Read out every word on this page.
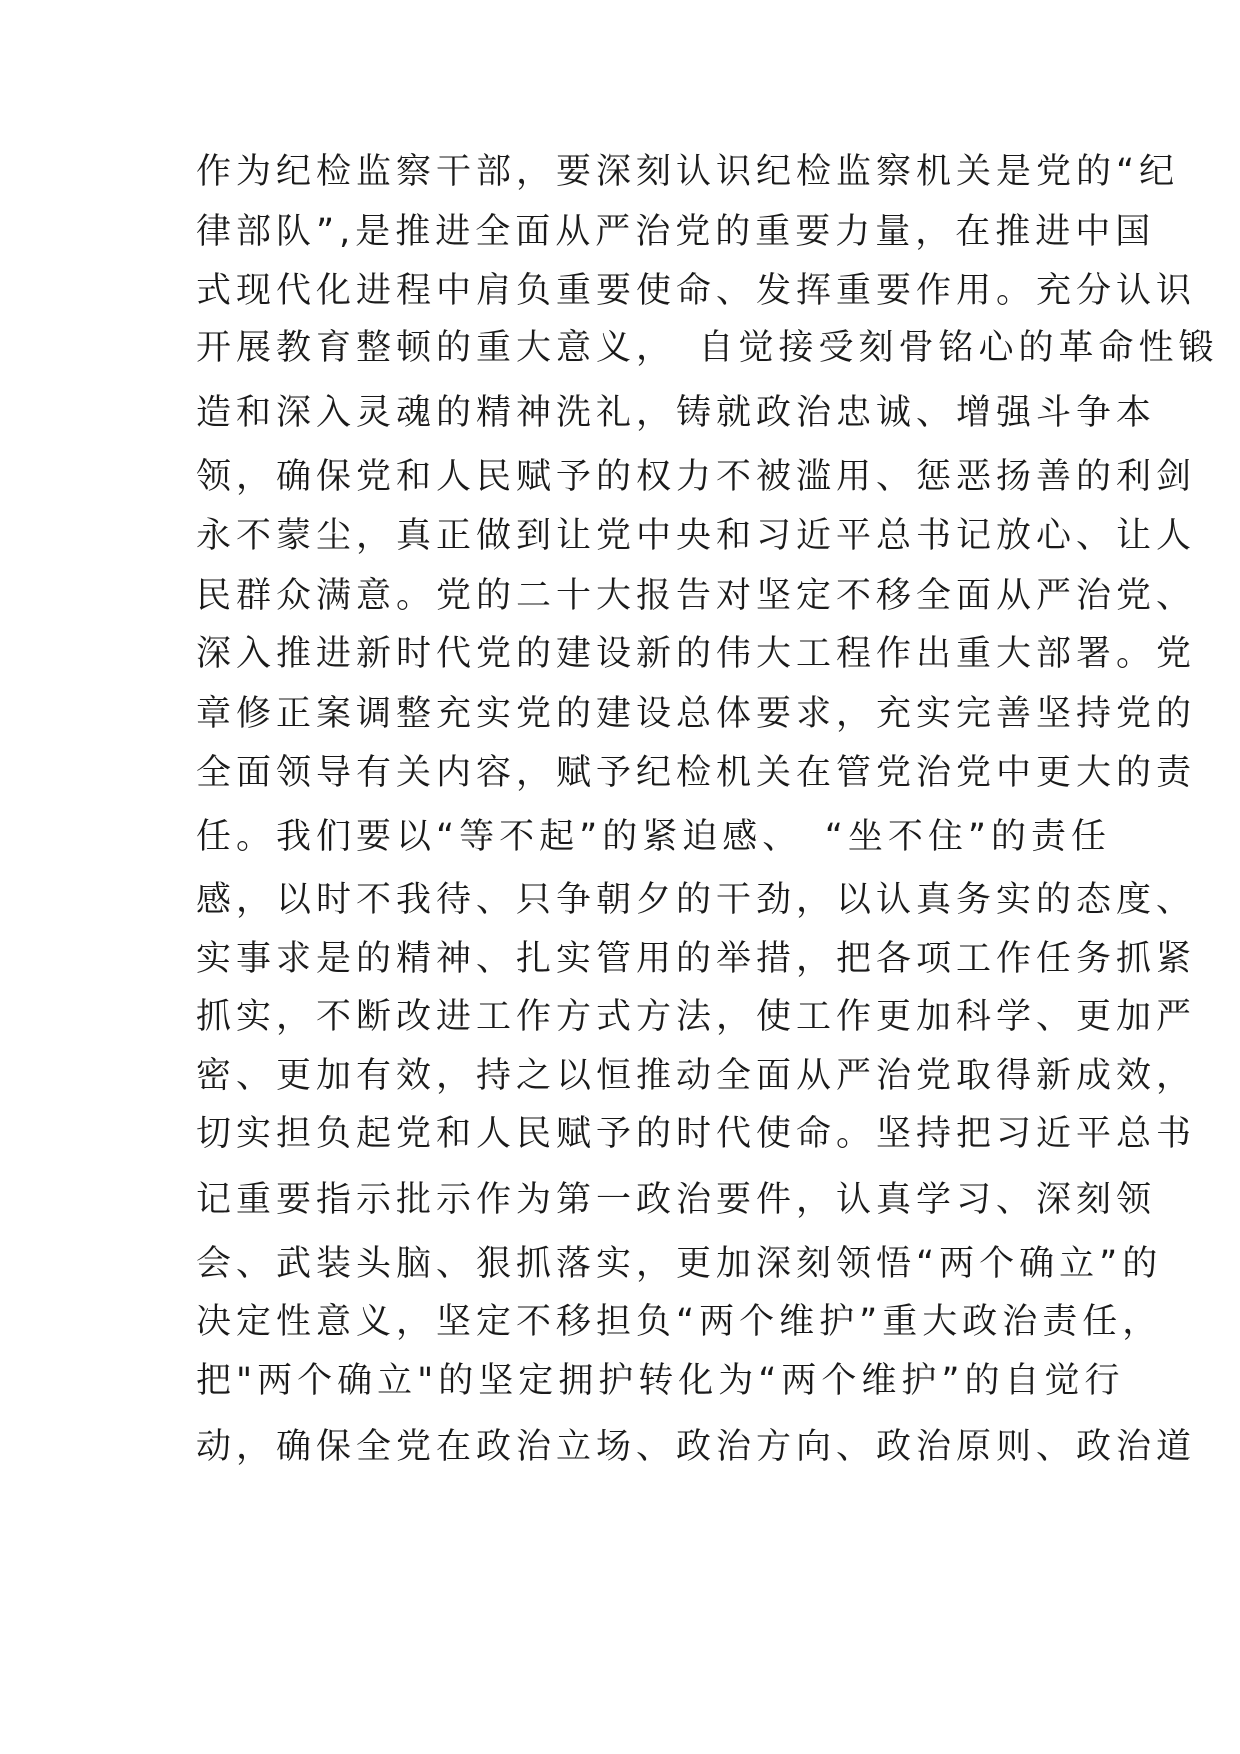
作为纪检监察干部，要深刻认识纪检监察机关是党的“纪
律部队”,是推进全面从严治党的重要力量，在推进中国
式现代化进程中肩负重要使命、发挥重要作用。充分认识
开展教育整顿的重大意义，　自觉接受刻骨铭心的革命性锻
造和深入灵魂的精神洗礼，铸就政治忠诚、增强斗争本
领，确保党和人民赋予的权力不被滥用、惩恶扬善的利剑
永不蒙尘，真正做到让党中央和习近平总书记放心、让人
民群众满意。党的二十大报告对坚定不移全面从严治党、
深入推进新时代党的建设新的伟大工程作出重大部署。党
章修正案调整充实党的建设总体要求，充实完善坚持党的
全面领导有关内容，赋予纪检机关在管党治党中更大的责
任。我们要以“等不起”的紧迫感、　“坐不住”的责任
感，以时不我待、只争朝夕的干劲，以认真务实的态度、
实事求是的精神、扎实管用的举措，把各项工作任务抓紧
抓实，不断改进工作方式方法，使工作更加科学、更加严
密、更加有效，持之以恒推动全面从严治党取得新成效，
切实担负起党和人民赋予的时代使命。坚持把习近平总书
记重要指示批示作为第一政治要件，认真学习、深刻领
会、武装头脑、狠抓落实，更加深刻领悟“两个确立”的
决定性意义，坚定不移担负“两个维护”重大政治责任，
把"两个确立"的坚定拥护转化为“两个维护”的自觉行
动，确保全党在政治立场、政治方向、政治原则、政治道
